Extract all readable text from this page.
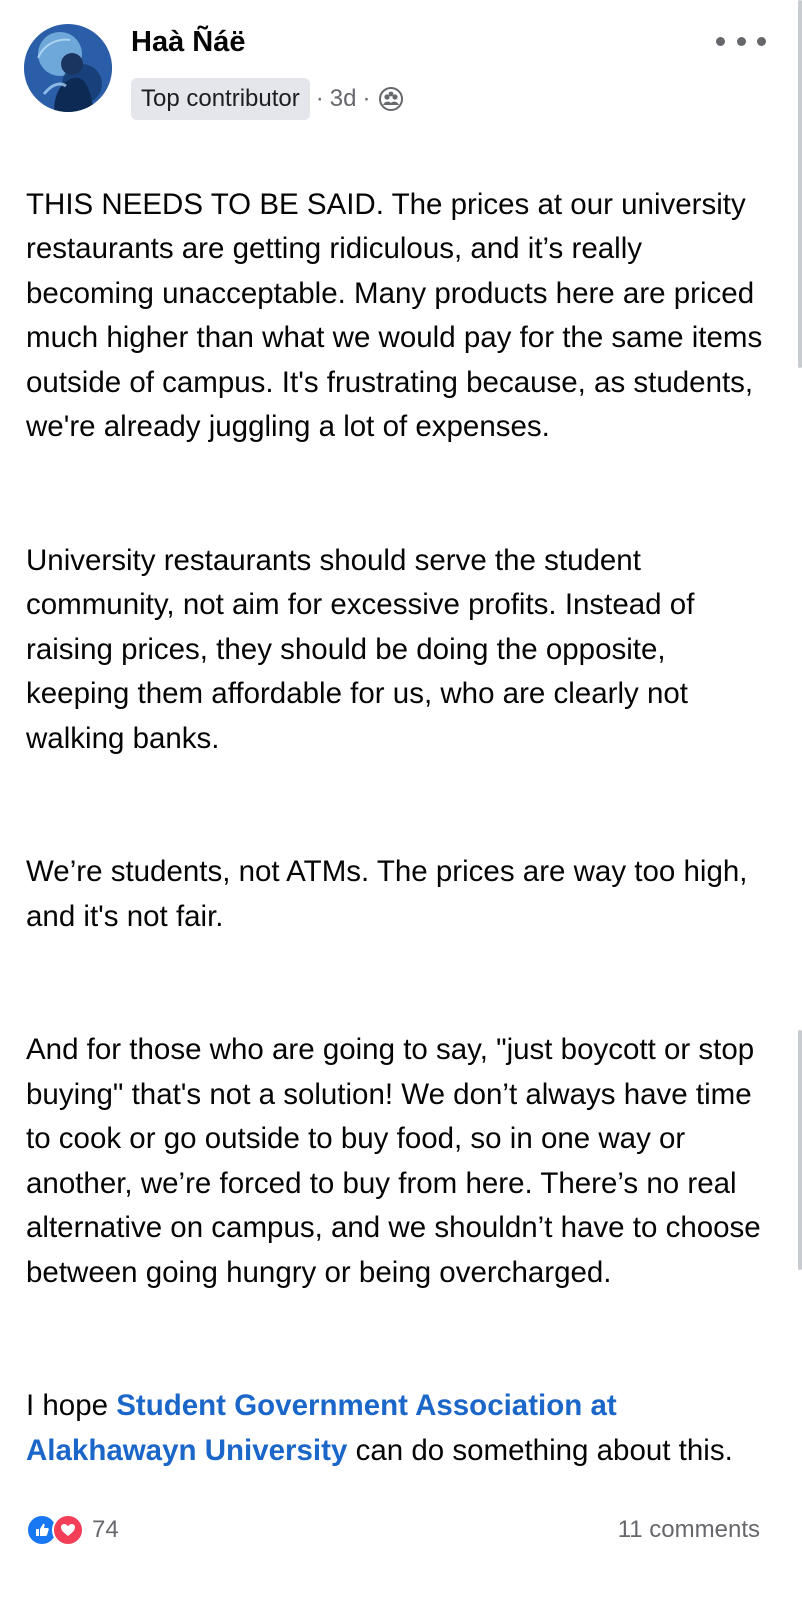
Haà Ñáë
Top contributor · 3d ·

THIS NEEDS TO BE SAID. The prices at our university restaurants are getting ridiculous, and it’s really becoming unacceptable. Many products here are priced much higher than what we would pay for the same items outside of campus. It's frustrating because, as students, we're already juggling a lot of expenses.

University restaurants should serve the student community, not aim for excessive profits. Instead of raising prices, they should be doing the opposite, keeping them affordable for us, who are clearly not walking banks.

We’re students, not ATMs. The prices are way too high, and it's not fair.

And for those who are going to say, "just boycott or stop buying" that's not a solution! We don’t always have time to cook or go outside to buy food, so in one way or another, we’re forced to buy from here. There’s no real alternative on campus, and we shouldn’t have to choose between going hungry or being overcharged.

I hope Student Government Association at Alakhawayn University can do something about this.

74	11 comments
